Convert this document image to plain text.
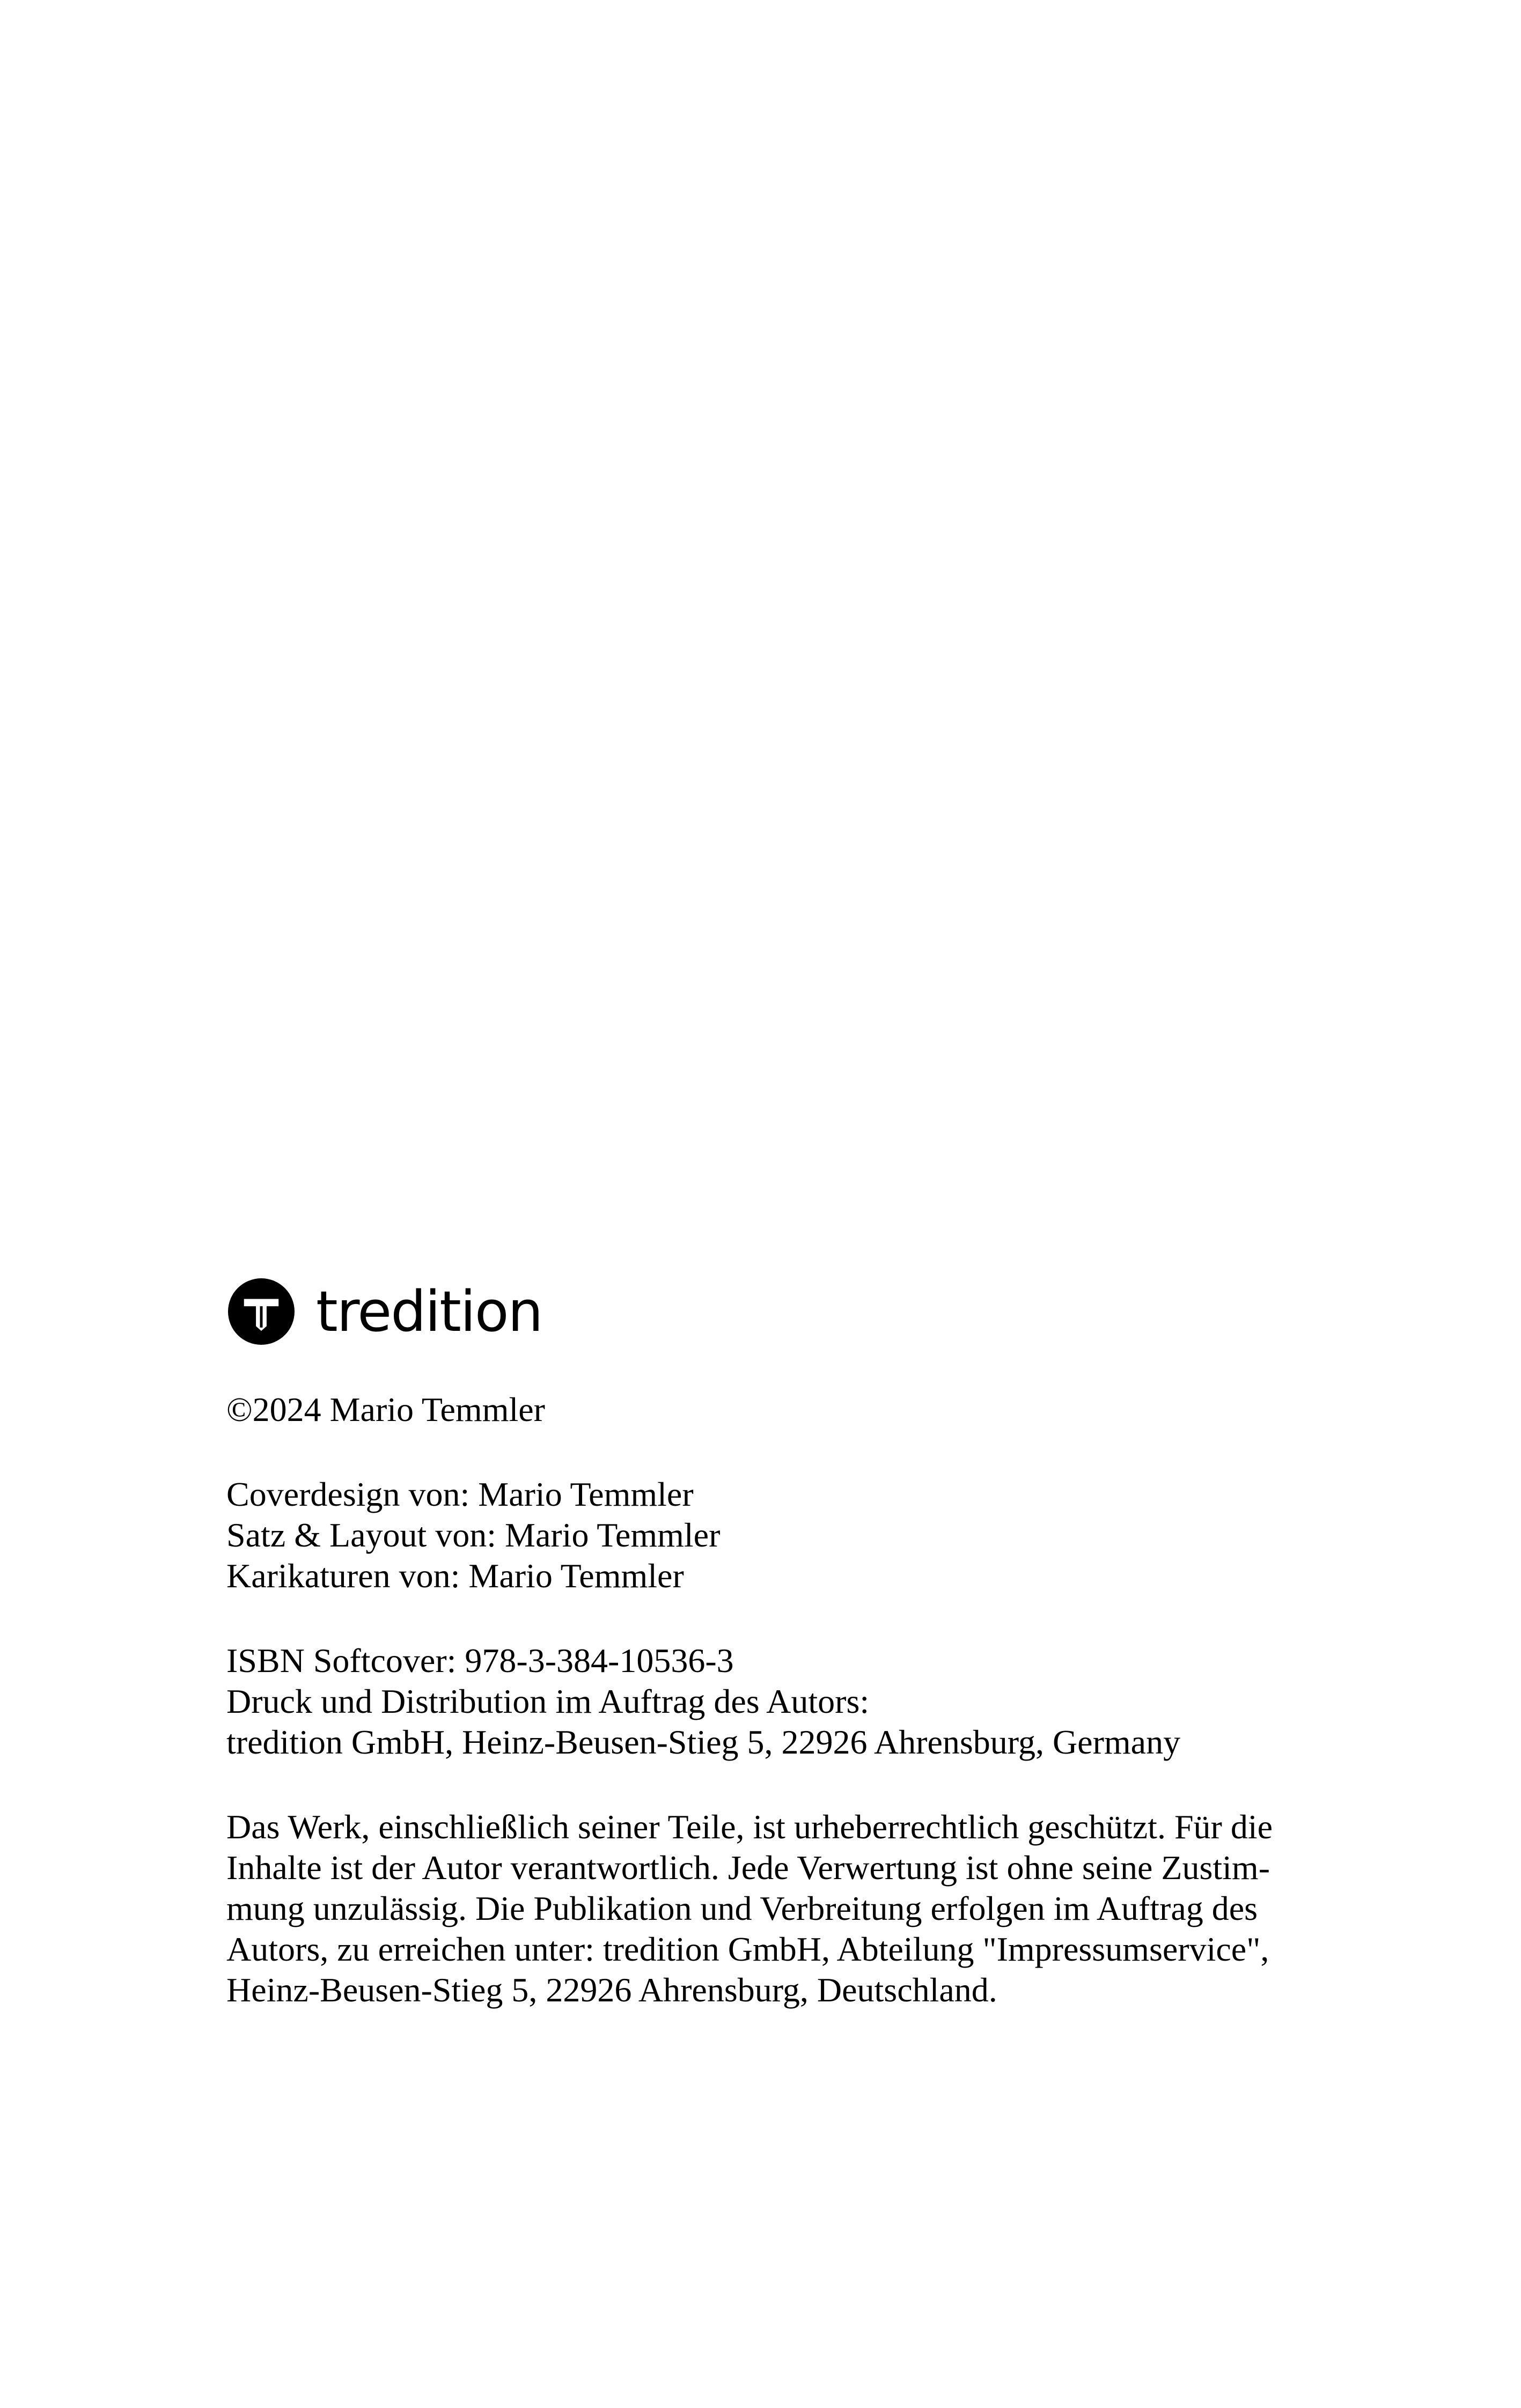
tredition

©2024 Mario Temmler

Coverdesign von: Mario Temmler

Satz & Layout von: Mario Temmler

Karikaturen von: Mario Temmler

ISBN Softcover: 978-3-384-10536-3

Druck und Distribution im Auftrag des Autors:

tredition GmbH, Heinz-Beusen-Stieg 5, 22926 Ahrensburg, Germany

Das Werk, einschließlich seiner Teile, ist urheberrechtlich geschützt. Für die

Inhalte ist der Autor verantwortlich. Jede Verwertung ist ohne seine Zustim-

mung unzulässig. Die Publikation und Verbreitung erfolgen im Auftrag des

Autors, zu erreichen unter: tredition GmbH, Abteilung "Impressumservice",

Heinz-Beusen-Stieg 5, 22926 Ahrensburg, Deutschland.
